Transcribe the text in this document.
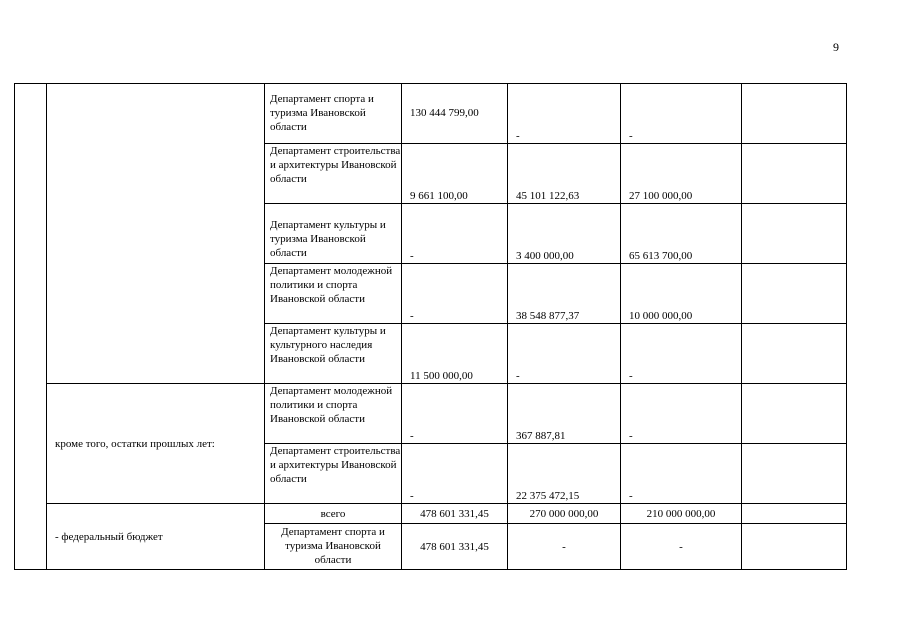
9
		Департамент спорта и туризма Ивановской области	130 444 799,00	-	-	
		Департамент строительства и архитектуры Ивановской области	9 661 100,00	45 101 122,63	27 100 000,00	
		Департамент культуры и туризма Ивановской области	-	3 400 000,00	65 613 700,00	
		Департамент молодежной политики и спорта Ивановской области	-	38 548 877,37	10 000 000,00	
		Департамент культуры и культурного наследия Ивановской области	11 500 000,00	-	-	
	кроме того, остатки прошлых лет:	Департамент молодежной политики и спорта Ивановской области	-	367 887,81	-	
		Департамент строительства и архитектуры Ивановской области	-	22 375 472,15	-	
	- федеральный бюджет	всего	478 601 331,45	270 000 000,00	210 000 000,00	
		Департамент спорта и туризма Ивановской области	478 601 331,45	-	-	
